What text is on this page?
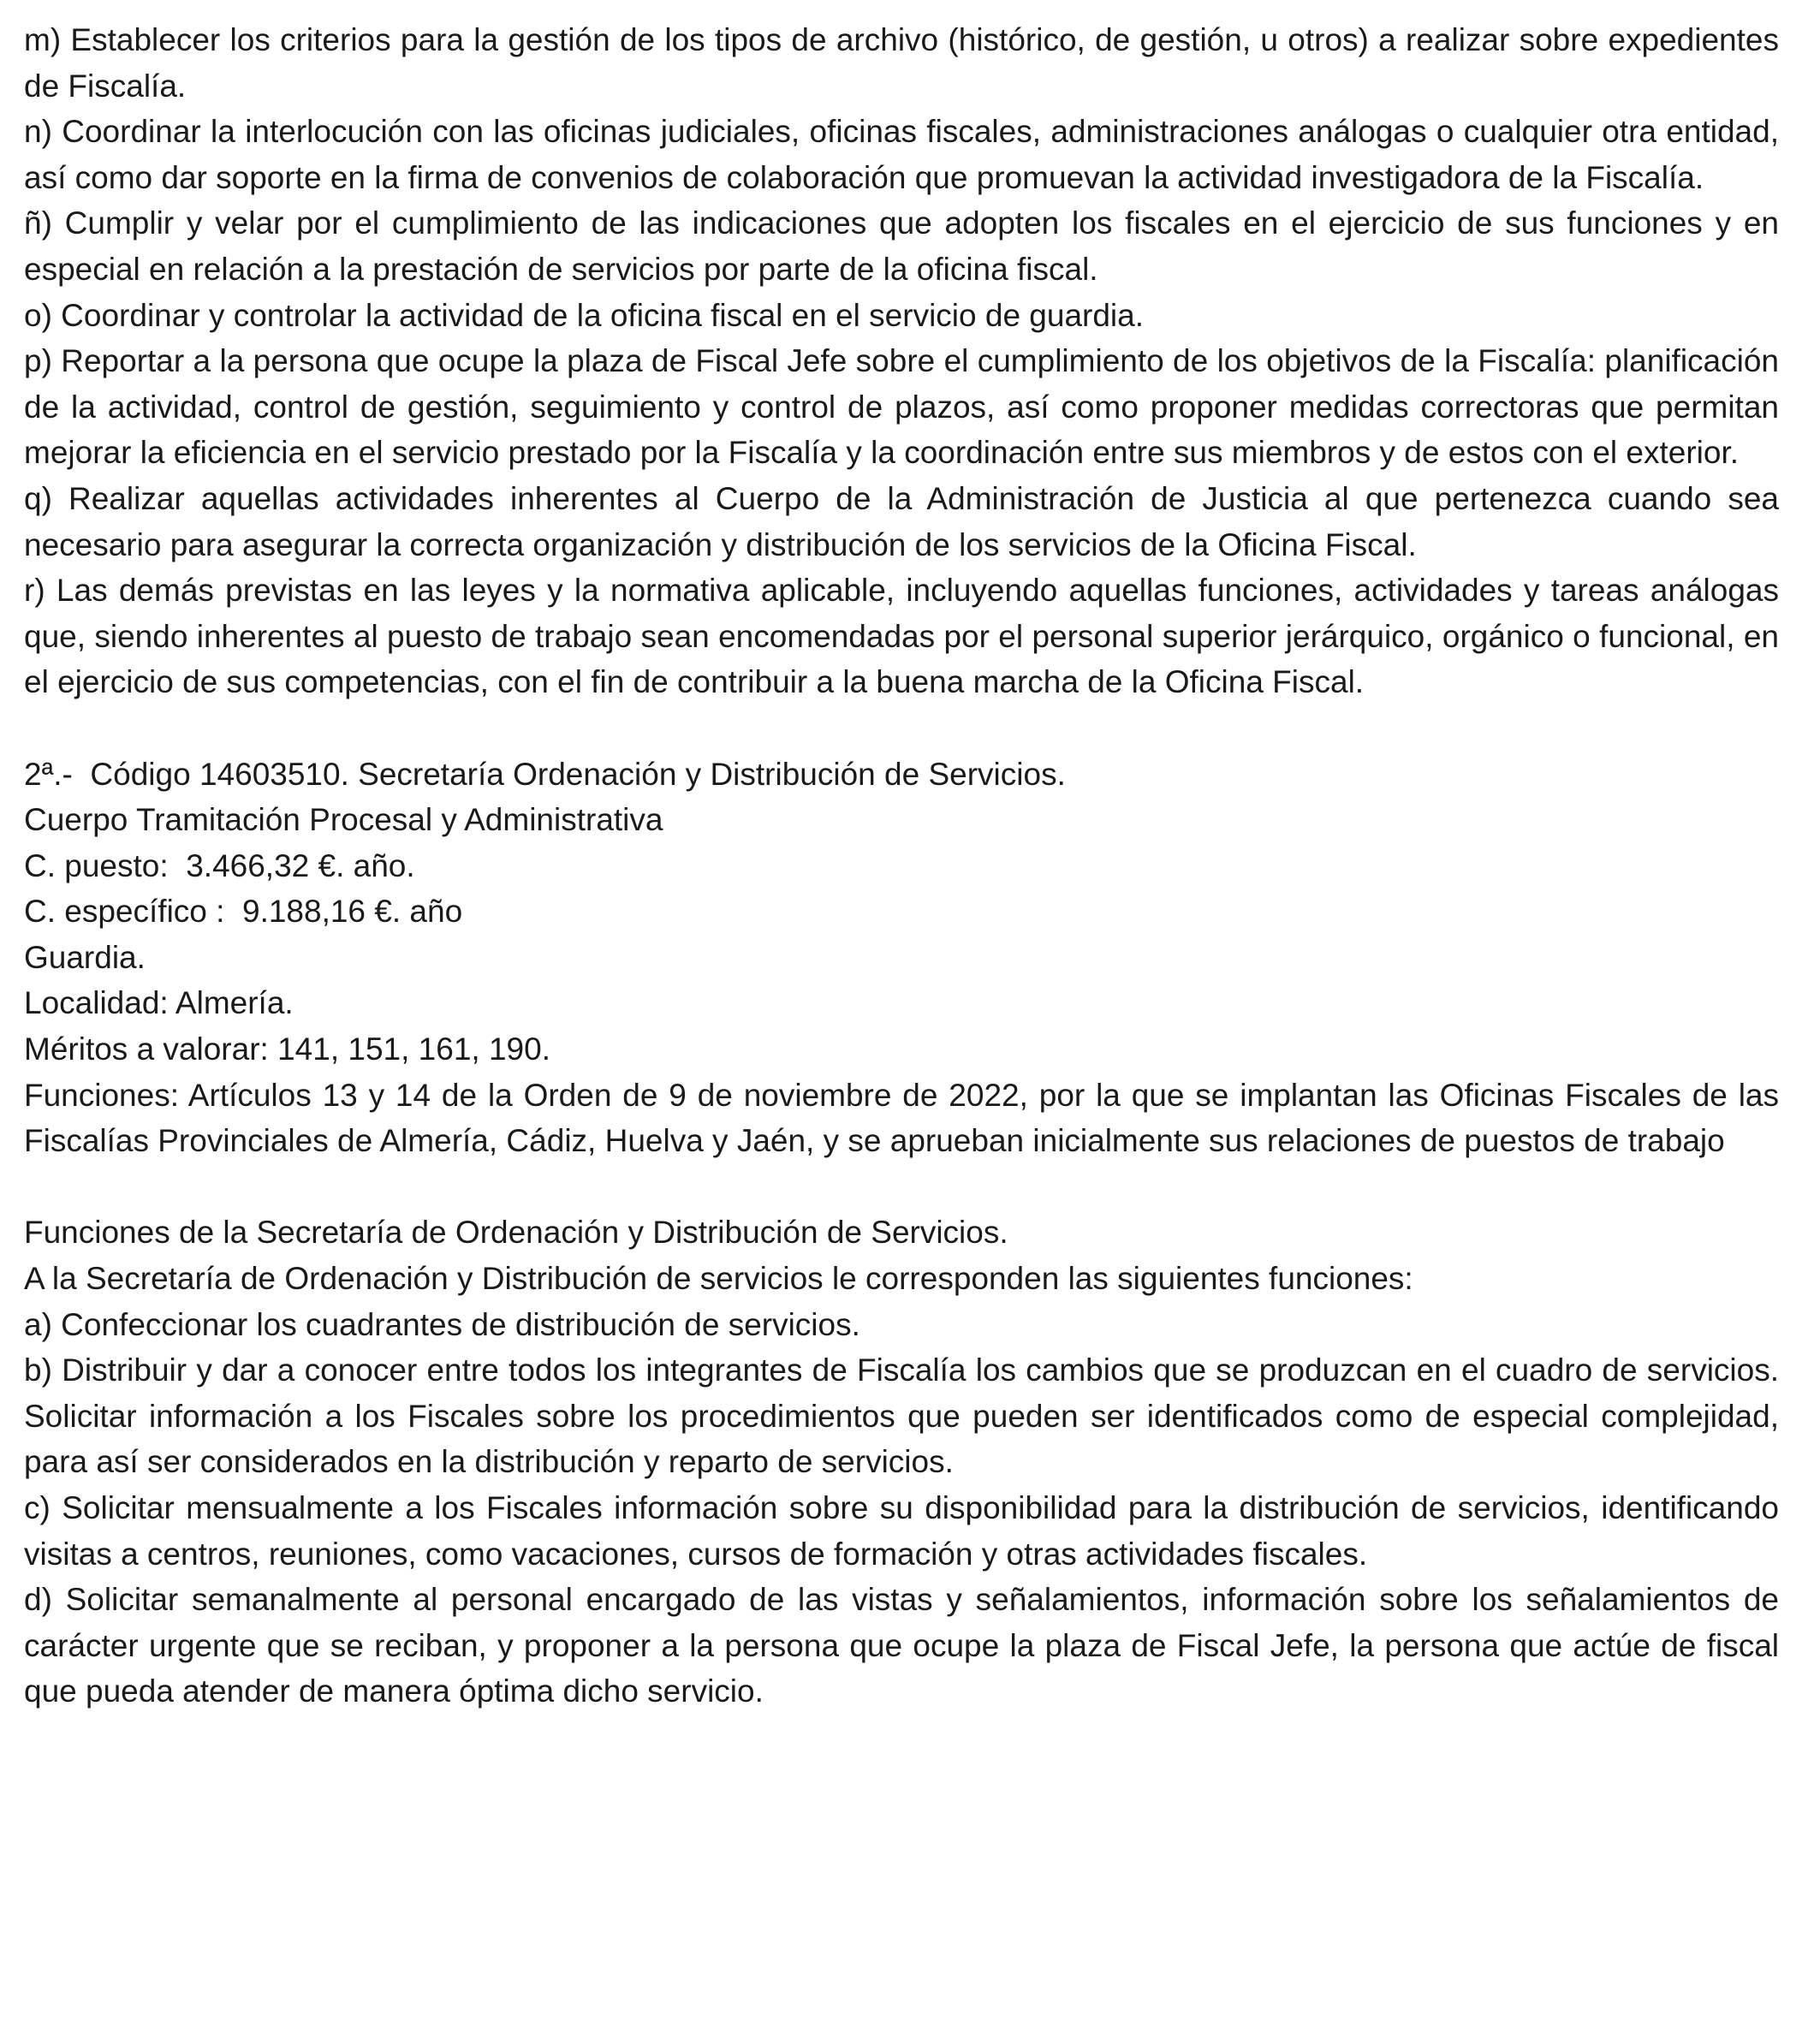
m) Establecer los criterios para la gestión de los tipos de archivo (histórico, de gestión, u otros) a realizar sobre expedientes de Fiscalía.

n) Coordinar la interlocución con las oficinas judiciales, oficinas fiscales, administraciones análogas o cualquier otra entidad, así como dar soporte en la firma de convenios de colaboración que promuevan la actividad investigadora de la Fiscalía.

ñ) Cumplir y velar por el cumplimiento de las indicaciones que adopten los fiscales en el ejercicio de sus funciones y en especial en relación a la prestación de servicios por parte de la oficina fiscal.

o) Coordinar y controlar la actividad de la oficina fiscal en el servicio de guardia.

p) Reportar a la persona que ocupe la plaza de Fiscal Jefe sobre el cumplimiento de los objetivos de la Fiscalía: planificación de la actividad, control de gestión, seguimiento y control de plazos, así como proponer medidas correctoras que permitan mejorar la eficiencia en el servicio prestado por la Fiscalía y la coordinación entre sus miembros y de estos con el exterior.

q) Realizar aquellas actividades inherentes al Cuerpo de la Administración de Justicia al que pertenezca cuando sea necesario para asegurar la correcta organización y distribución de los servicios de la Oficina Fiscal.

r) Las demás previstas en las leyes y la normativa aplicable, incluyendo aquellas funciones, actividades y tareas análogas que, siendo inherentes al puesto de trabajo sean encomendadas por el personal superior jerárquico, orgánico o funcional, en el ejercicio de sus competencias, con el fin de contribuir a la buena marcha de la Oficina Fiscal.

2ª.-  Código 14603510. Secretaría Ordenación y Distribución de Servicios.

Cuerpo Tramitación Procesal y Administrativa

C. puesto:  3.466,32 €. año.

C. específico :  9.188,16 €. año

Guardia.

Localidad: Almería.

Méritos a valorar: 141, 151, 161, 190.

Funciones: Artículos 13 y 14 de la Orden de 9 de noviembre de 2022, por la que se implantan las Oficinas Fiscales de las Fiscalías Provinciales de Almería, Cádiz, Huelva y Jaén, y se aprueban inicialmente sus relaciones de puestos de trabajo

Funciones de la Secretaría de Ordenación y Distribución de Servicios.

A la Secretaría de Ordenación y Distribución de servicios le corresponden las siguientes funciones:

a) Confeccionar los cuadrantes de distribución de servicios.

b) Distribuir y dar a conocer entre todos los integrantes de Fiscalía los cambios que se produzcan en el cuadro de servicios. Solicitar información a los Fiscales sobre los procedimientos que pueden ser identificados como de especial complejidad, para así ser considerados en la distribución y reparto de servicios.

c) Solicitar mensualmente a los Fiscales información sobre su disponibilidad para la distribución de servicios, identificando visitas a centros, reuniones, como vacaciones, cursos de formación y otras actividades fiscales.

d) Solicitar semanalmente al personal encargado de las vistas y señalamientos, información sobre los señalamientos de carácter urgente que se reciban, y proponer a la persona que ocupe la plaza de Fiscal Jefe, la persona que actúe de fiscal que pueda atender de manera óptima dicho servicio.
